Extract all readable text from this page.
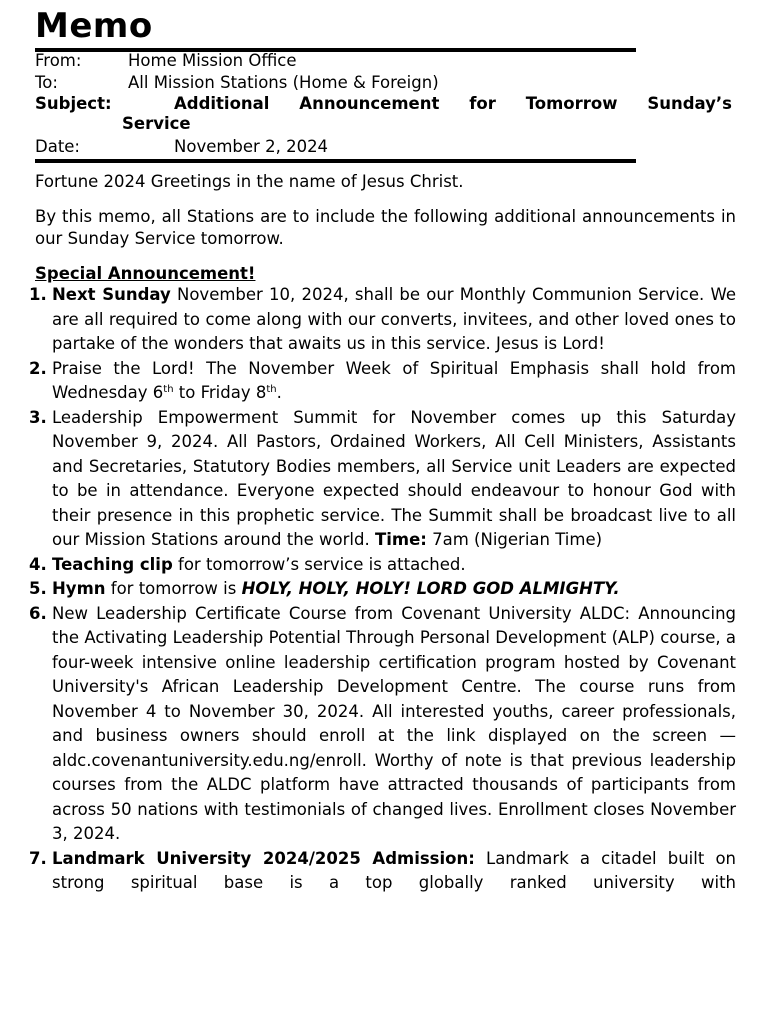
Memo
From:	Home Mission Office
To:	All Mission Stations (Home & Foreign)
Subject:	Additional Announcement for Tomorrow Sunday’s
Service
Date:	November 2, 2024
Fortune 2024 Greetings in the name of Jesus Christ.
By this memo, all Stations are to include the following additional announcements in our Sunday Service tomorrow.
Special Announcement!
1. Next Sunday November 10, 2024, shall be our Monthly Communion Service. We are all required to come along with our converts, invitees, and other loved ones to partake of the wonders that awaits us in this service. Jesus is Lord!
2. Praise the Lord! The November Week of Spiritual Emphasis shall hold from Wednesday 6th to Friday 8th.
3. Leadership Empowerment Summit for November comes up this Saturday November 9, 2024. All Pastors, Ordained Workers, All Cell Ministers, Assistants and Secretaries, Statutory Bodies members, all Service unit Leaders are expected to be in attendance. Everyone expected should endeavour to honour God with their presence in this prophetic service. The Summit shall be broadcast live to all our Mission Stations around the world. Time: 7am (Nigerian Time)
4. Teaching clip for tomorrow’s service is attached.
5. Hymn for tomorrow is HOLY, HOLY, HOLY! LORD GOD ALMIGHTY.
6. New Leadership Certificate Course from Covenant University ALDC: Announcing the Activating Leadership Potential Through Personal Development (ALP) course, a four-week intensive online leadership certification program hosted by Covenant University's African Leadership Development Centre. The course runs from November 4 to November 30, 2024. All interested youths, career professionals, and business owners should enroll at the link displayed on the screen — aldc.covenantuniversity.edu.ng/enroll. Worthy of note is that previous leadership courses from the ALDC platform have attracted thousands of participants from across 50 nations with testimonials of changed lives. Enrollment closes November 3, 2024.
7. Landmark University 2024/2025 Admission: Landmark a citadel built on strong spiritual base is a top globally ranked university with
